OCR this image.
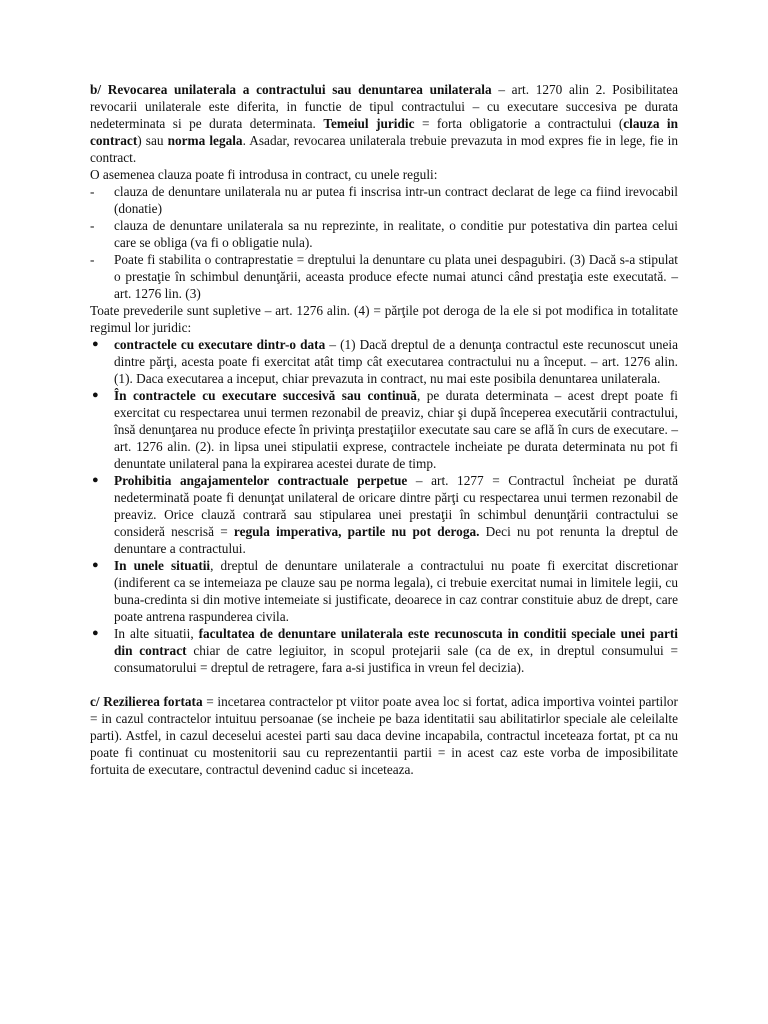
b/ Revocarea unilaterala a contractului sau denuntarea unilaterala – art. 1270 alin 2. Posibilitatea revocarii unilaterale este diferita, in functie de tipul contractului – cu executare succesiva pe durata nedeterminata si pe durata determinata. Temeiul juridic = forta obligatorie a contractului (clauza in contract) sau norma legala. Asadar, revocarea unilaterala trebuie prevazuta in mod expres fie in lege, fie in contract.

O asemenea clauza poate fi introdusa in contract, cu unele reguli:

- clauza de denuntare unilaterala nu ar putea fi inscrisa intr-un contract declarat de lege ca fiind irevocabil (donatie)
- clauza de denuntare unilaterala sa nu reprezinte, in realitate, o conditie pur potestativa din partea celui care se obliga (va fi o obligatie nula).
- Poate fi stabilita o contraprestatie = dreptului la denuntare cu plata unei despagubiri. (3) Dacă s-a stipulat o prestaţie în schimbul denunţării, aceasta produce efecte numai atunci când prestaţia este executată. – art. 1276 lin. (3)

Toate prevederile sunt supletive – art. 1276 alin. (4) = părţile pot deroga de la ele si pot modifica in totalitate regimul lor juridic:

● contractele cu executare dintr-o data – (1) Dacă dreptul de a denunţa contractul este recunoscut uneia dintre părţi, acesta poate fi exercitat atât timp cât executarea contractului nu a început. – art. 1276 alin. (1). Daca executarea a inceput, chiar prevazuta in contract, nu mai este posibila denuntarea unilaterala.
● În contractele cu executare succesivă sau continuă, pe durata determinata – acest drept poate fi exercitat cu respectarea unui termen rezonabil de preaviz, chiar şi după începerea executării contractului, însă denunţarea nu produce efecte în privinţa prestaţiilor executate sau care se află în curs de executare. – art. 1276 alin. (2). in lipsa unei stipulatii exprese, contractele incheiate pe durata determinata nu pot fi denuntate unilateral pana la expirarea acestei durate de timp.
● Prohibitia angajamentelor contractuale perpetue – art. 1277 = Contractul încheiat pe durată nedeterminată poate fi denunţat unilateral de oricare dintre părţi cu respectarea unui termen rezonabil de preaviz. Orice clauză contrară sau stipularea unei prestaţii în schimbul denunţării contractului se consideră nescrisă = regula imperativa, partile nu pot deroga. Deci nu pot renunta la dreptul de denuntare a contractului.
● In unele situatii, dreptul de denuntare unilaterale a contractului nu poate fi exercitat discretionar (indiferent ca se intemeiaza pe clauze sau pe norma legala), ci trebuie exercitat numai in limitele legii, cu buna-credinta si din motive intemeiate si justificate, deoarece in caz contrar constituie abuz de drept, care poate antrena raspunderea civila.
● In alte situatii, facultatea de denuntare unilaterala este recunoscuta in conditii speciale unei parti din contract chiar de catre legiuitor, in scopul protejarii sale (ca de ex, in dreptul consumului = consumatorului = dreptul de retragere, fara a-si justifica in vreun fel decizia).

c/ Rezilierea fortata = incetarea contractelor pt viitor poate avea loc si fortat, adica importiva vointei partilor = in cazul contractelor intuituu persoanae (se incheie pe baza identitatii sau abilitatirlor speciale ale celeilalte parti). Astfel, in cazul deceselui acestei parti sau daca devine incapabila, contractul inceteaza fortat, pt ca nu poate fi continuat cu mostenitorii sau cu reprezentantii partii = in acest caz este vorba de imposibilitate fortuita de executare, contractul devenind caduc si inceteaza.
